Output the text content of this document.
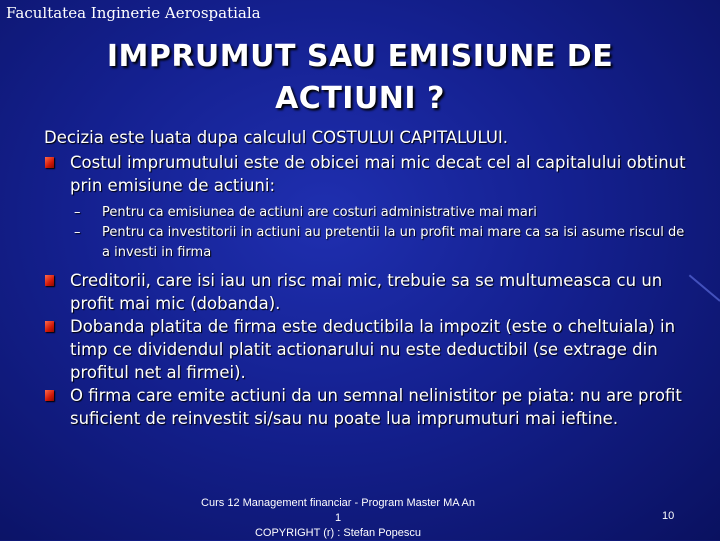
Facultatea Inginerie Aerospatiala
IMPRUMUT SAU EMISIUNE DE
ACTIUNI ?

Decizia este luata dupa calculul COSTULUI CAPITALULUI.

Costul imprumutului este de obicei mai mic decat cel al capitalului obtinut prin emisiune de actiuni:
– Pentru ca emisiunea de actiuni are costuri administrative mai mari
– Pentru ca investitorii in actiuni au pretentii la un profit mai mare ca sa isi asume riscul de a investi in firma
Creditorii, care isi iau un risc mai mic, trebuie sa se multumeasca cu un profit mai mic (dobanda).
Dobanda platita de firma este deductibila la impozit (este o cheltuiala) in timp ce dividendul platit actionarului nu este deductibil (se extrage din profitul net al firmei).
O firma care emite actiuni da un semnal nelinistitor pe piata: nu are profit suficient de reinvestit si/sau nu poate lua imprumuturi mai ieftine.
Curs 12 Management financiar - Program Master MA An 1
COPYRIGHT (r) : Stefan Popescu
10
